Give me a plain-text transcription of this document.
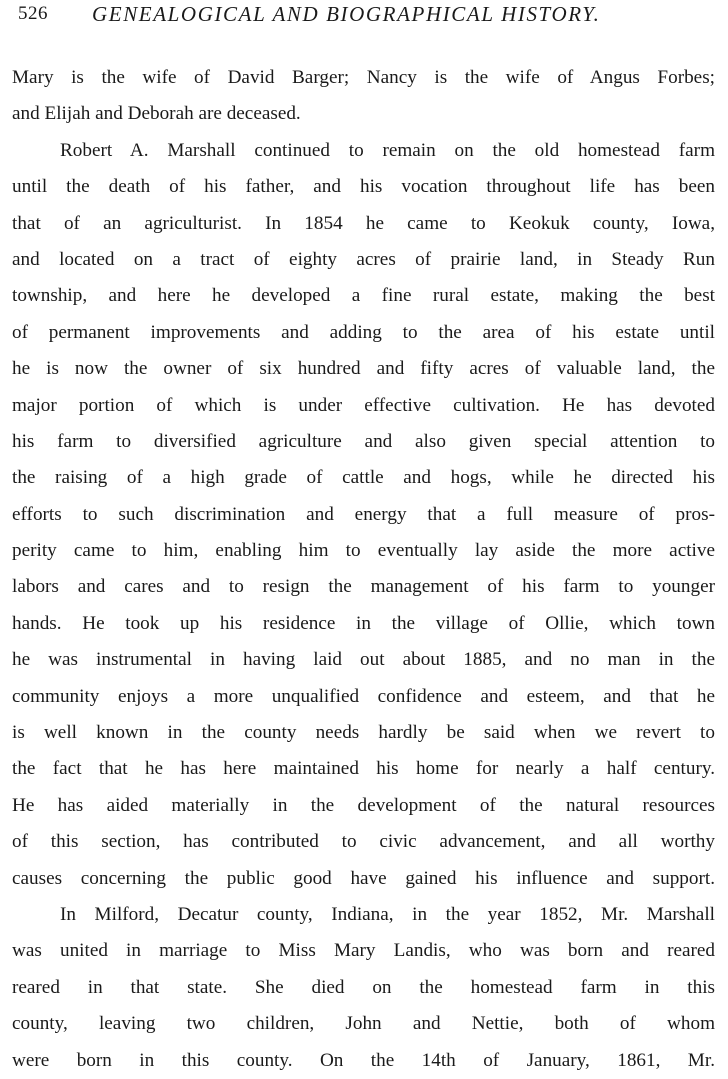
526 GENEALOGICAL AND BIOGRAPHICAL HISTORY.
Mary is the wife of David Barger; Nancy is the wife of Angus Forbes;
and Elijah and Deborah are deceased.
Robert A. Marshall continued to remain on the old homestead farm
until the death of his father, and his vocation throughout life has been
that of an agriculturist. In 1854 he came to Keokuk county, Iowa,
and located on a tract of eighty acres of prairie land, in Steady Run
township, and here he developed a fine rural estate, making the best
of permanent improvements and adding to the area of his estate until
he is now the owner of six hundred and fifty acres of valuable land, the
major portion of which is under effective cultivation. He has devoted
his farm to diversified agriculture and also given special attention to
the raising of a high grade of cattle and hogs, while he directed his
efforts to such discrimination and energy that a full measure of pros-
perity came to him, enabling him to eventually lay aside the more active
labors and cares and to resign the management of his farm to younger
hands. He took up his residence in the village of Ollie, which town
he was instrumental in having laid out about 1885, and no man in the
community enjoys a more unqualified confidence and esteem, and that he
is well known in the county needs hardly be said when we revert to
the fact that he has here maintained his home for nearly a half century.
He has aided materially in the development of the natural resources
of this section, has contributed to civic advancement, and all worthy
causes concerning the public good have gained his influence and support.
In Milford, Decatur county, Indiana, in the year 1852, Mr. Marshall
was united in marriage to Miss Mary Landis, who was born and reared
reared in that state. She died on the homestead farm in this
county, leaving two children, John and Nettie, both of whom
were born in this county. On the 14th of January, 1861, Mr.
